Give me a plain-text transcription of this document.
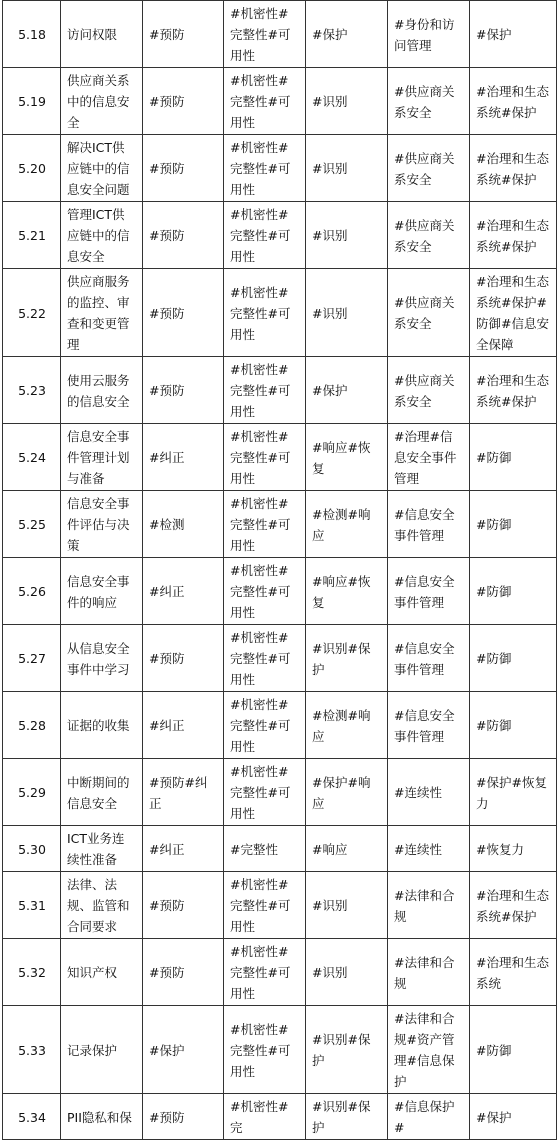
5.18	访问权限	#预防	#机密性#完整性#可用性	#保护	#身份和访问管理	#保护
5.19	供应商关系中的信息安全	#预防	#机密性#完整性#可用性	#识别	#供应商关系安全	#治理和生态系统#保护
5.20	解决ICT供应链中的信息安全问题	#预防	#机密性#完整性#可用性	#识别	#供应商关系安全	#治理和生态系统#保护
5.21	管理ICT供应链中的信息安全	#预防	#机密性#完整性#可用性	#识别	#供应商关系安全	#治理和生态系统#保护
5.22	供应商服务的监控、审查和变更管理	#预防	#机密性#完整性#可用性	#识别	#供应商关系安全	#治理和生态系统#保护#防御#信息安全保障
5.23	使用云服务的信息安全	#预防	#机密性#完整性#可用性	#保护	#供应商关系安全	#治理和生态系统#保护
5.24	信息安全事件管理计划与准备	#纠正	#机密性#完整性#可用性	#响应#恢复	#治理#信息安全事件管理	#防御
5.25	信息安全事件评估与决策	#检测	#机密性#完整性#可用性	#检测#响应	#信息安全事件管理	#防御
5.26	信息安全事件的响应	#纠正	#机密性#完整性#可用性	#响应#恢复	#信息安全事件管理	#防御
5.27	从信息安全事件中学习	#预防	#机密性#完整性#可用性	#识别#保护	#信息安全事件管理	#防御
5.28	证据的收集	#纠正	#机密性#完整性#可用性	#检测#响应	#信息安全事件管理	#防御
5.29	中断期间的信息安全	#预防#纠正	#机密性#完整性#可用性	#保护#响应	#连续性	#保护#恢复力
5.30	ICT业务连续性准备	#纠正	#完整性	#响应	#连续性	#恢复力
5.31	法律、法规、监管和合同要求	#预防	#机密性#完整性#可用性	#识别	#法律和合规	#治理和生态系统#保护
5.32	知识产权	#预防	#机密性#完整性#可用性	#识别	#法律和合规	#治理和生态系统
5.33	记录保护	#保护	#机密性#完整性#可用性	#识别#保护	#法律和合规#资产管理#信息保护	#防御
5.34	PII隐私和保	#预防	#机密性#完	#识别#保护	#信息保护#	#保护
